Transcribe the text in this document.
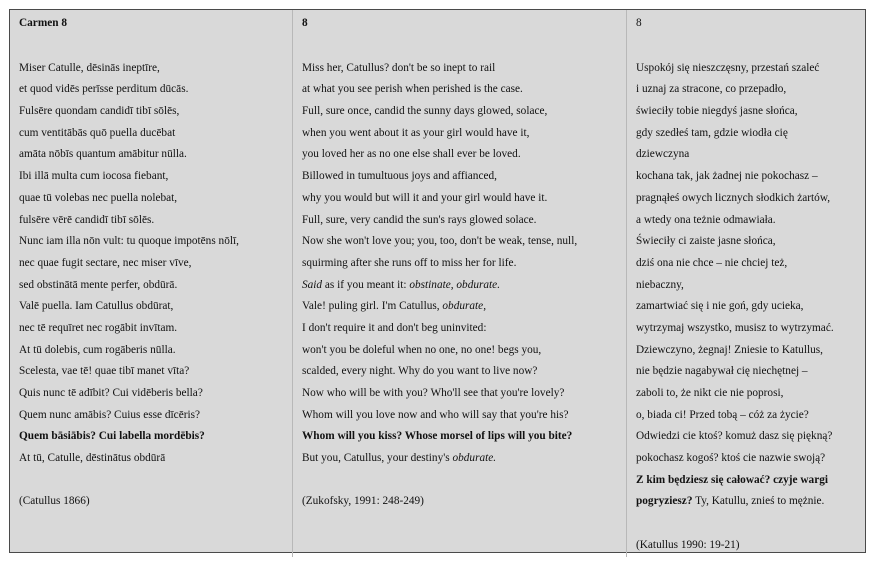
Carmen 8
Miser Catulle, dēsinās ineptīre,
et quod vidēs perīsse perditum dūcās.
Fulsēre quondam candidī tibī sōlēs,
cum ventitābās quō puella ducēbat
amāta nōbīs quantum amābitur nūlla.
Ibi illā multa cum iocosa fiebant,
quae tū volebas nec puella nolebat,
fulsēre vērē candidī tibī sōlēs.
Nunc iam illa nōn vult: tu quoque impotēns nōlī,
nec quae fugit sectare, nec miser vīve,
sed obstinātā mente perfer, obdūrā.
Valē puella. Iam Catullus obdūrat,
nec tē requīret nec rogābit invītam.
At tū dolebis, cum rogāberis nūlla.
Scelesta, vae tē! quae tibī manet vīta?
Quis nunc tē adībit? Cui vidēberis bella?
Quem nunc amābis? Cuius esse dīcēris?
Quem bāsiābis? Cui labella mordēbis?
At tū, Catulle, dēstinātus obdūrā
(Catullus 1866)
8
Miss her, Catullus? don't be so inept to rail
at what you see perish when perished is the case.
Full, sure once, candid the sunny days glowed, solace,
when you went about it as your girl would have it,
you loved her as no one else shall ever be loved.
Billowed in tumultuous joys and affianced,
why you would but will it and your girl would have it.
Full, sure, very candid the sun's rays glowed solace.
Now she won't love you; you, too, don't be weak, tense, null,
squirming after she runs off to miss her for life.
Said as if you meant it: obstinate, obdurate.
Vale! puling girl. I'm Catullus, obdurate,
I don't require it and don't beg uninvited:
won't you be doleful when no one, no one! begs you,
scalded, every night. Why do you want to live now?
Now who will be with you? Who'll see that you're lovely?
Whom will you love now and who will say that you're his?
Whom will you kiss? Whose morsel of lips will you bite?
But you, Catullus, your destiny's obdurate.
(Zukofsky, 1991: 248-249)
8
Uspokój się nieszczęsny, przestań szaleć
i uznaj za stracone, co przepadło,
świeciły tobie niegdyś jasne słońca,
gdy szedłeś tam, gdzie wiodła cię
dziewczyna
kochana tak, jak żadnej nie pokochasz –
pragnąłeś owych licznych słodkich żartów,
a wtedy ona teżnie odmawiała.
Świeciły ci zaiste jasne słońca,
dziś ona nie chce – nie chciej też,
niebaczny,
zamartwiać się i nie goń, gdy ucieka,
wytrzymaj wszystko, musisz to wytrzymać.
Dziewczyno, żegnaj! Zniesie to Katullus,
nie będzie nagabywał cię niechętnej –
zaboli to, że nikt cie nie poprosi,
o, biada ci! Przed tobą – cóż za życie?
Odwiedzi cie ktoś? komuż dasz się piękną?
pokochasz kogoś? ktoś cie nazwie swoją?
Z kim będziesz się całować? czyje wargi
pogryziesz? Ty, Katullu, znieś to mężnie.
(Katullus 1990: 19-21)
